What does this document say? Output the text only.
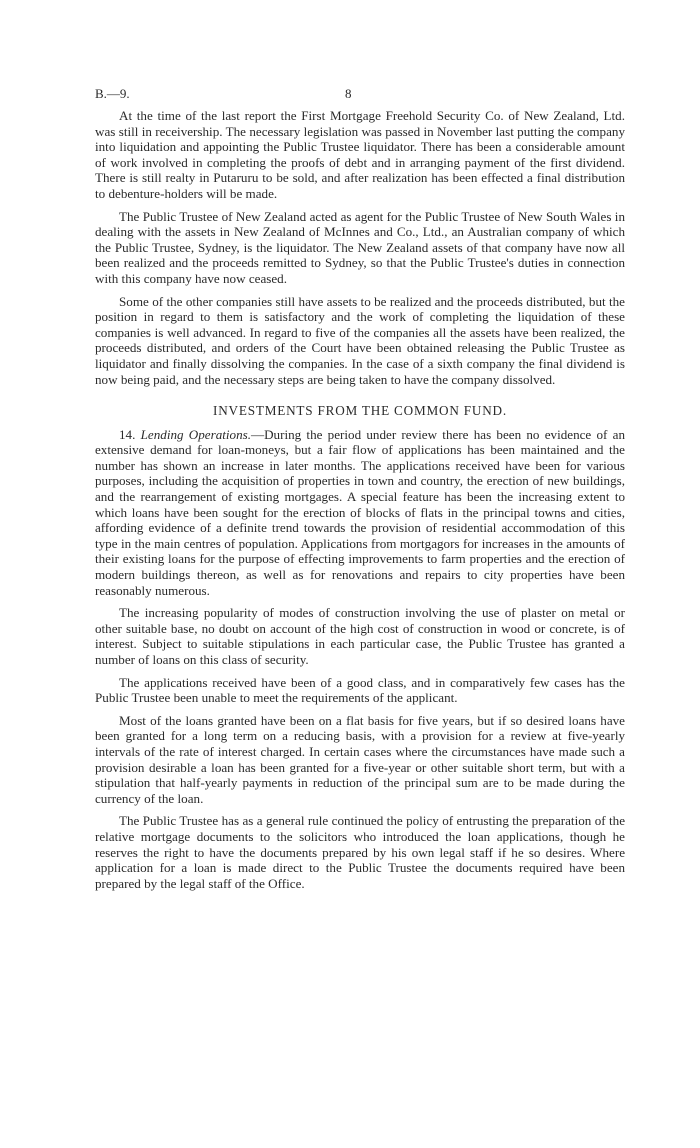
B.—9.	8

At the time of the last report the First Mortgage Freehold Security Co. of New Zealand, Ltd. was still in receivership. The necessary legislation was passed in November last putting the company into liquidation and appointing the Public Trustee liquidator. There has been a considerable amount of work involved in completing the proofs of debt and in arranging payment of the first dividend. There is still realty in Putaruru to be sold, and after realization has been effected a final distribution to debenture-holders will be made.

The Public Trustee of New Zealand acted as agent for the Public Trustee of New South Wales in dealing with the assets in New Zealand of McInnes and Co., Ltd., an Australian company of which the Public Trustee, Sydney, is the liquidator. The New Zealand assets of that company have now all been realized and the proceeds remitted to Sydney, so that the Public Trustee's duties in connection with this company have now ceased.

Some of the other companies still have assets to be realized and the proceeds distributed, but the position in regard to them is satisfactory and the work of completing the liquidation of these companies is well advanced. In regard to five of the companies all the assets have been realized, the proceeds distributed, and orders of the Court have been obtained releasing the Public Trustee as liquidator and finally dissolving the companies. In the case of a sixth company the final dividend is now being paid, and the necessary steps are being taken to have the company dissolved.

INVESTMENTS FROM THE COMMON FUND.

14. Lending Operations.—During the period under review there has been no evidence of an extensive demand for loan-moneys, but a fair flow of applications has been maintained and the number has shown an increase in later months. The applications received have been for various purposes, including the acquisition of properties in town and country, the erection of new buildings, and the rearrangement of existing mortgages. A special feature has been the increasing extent to which loans have been sought for the erection of blocks of flats in the principal towns and cities, affording evidence of a definite trend towards the provision of residential accommodation of this type in the main centres of population. Applications from mortgagors for increases in the amounts of their existing loans for the purpose of effecting improvements to farm properties and the erection of modern buildings thereon, as well as for renovations and repairs to city properties have been reasonably numerous.

The increasing popularity of modes of construction involving the use of plaster on metal or other suitable base, no doubt on account of the high cost of construction in wood or concrete, is of interest. Subject to suitable stipulations in each particular case, the Public Trustee has granted a number of loans on this class of security.

The applications received have been of a good class, and in comparatively few cases has the Public Trustee been unable to meet the requirements of the applicant.

Most of the loans granted have been on a flat basis for five years, but if so desired loans have been granted for a long term on a reducing basis, with a provision for a review at five-yearly intervals of the rate of interest charged. In certain cases where the circumstances have made such a provision desirable a loan has been granted for a five-year or other suitable short term, but with a stipulation that half-yearly payments in reduction of the principal sum are to be made during the currency of the loan.

The Public Trustee has as a general rule continued the policy of entrusting the preparation of the relative mortgage documents to the solicitors who introduced the loan applications, though he reserves the right to have the documents prepared by his own legal staff if he so desires. Where application for a loan is made direct to the Public Trustee the documents required have been prepared by the legal staff of the Office.
